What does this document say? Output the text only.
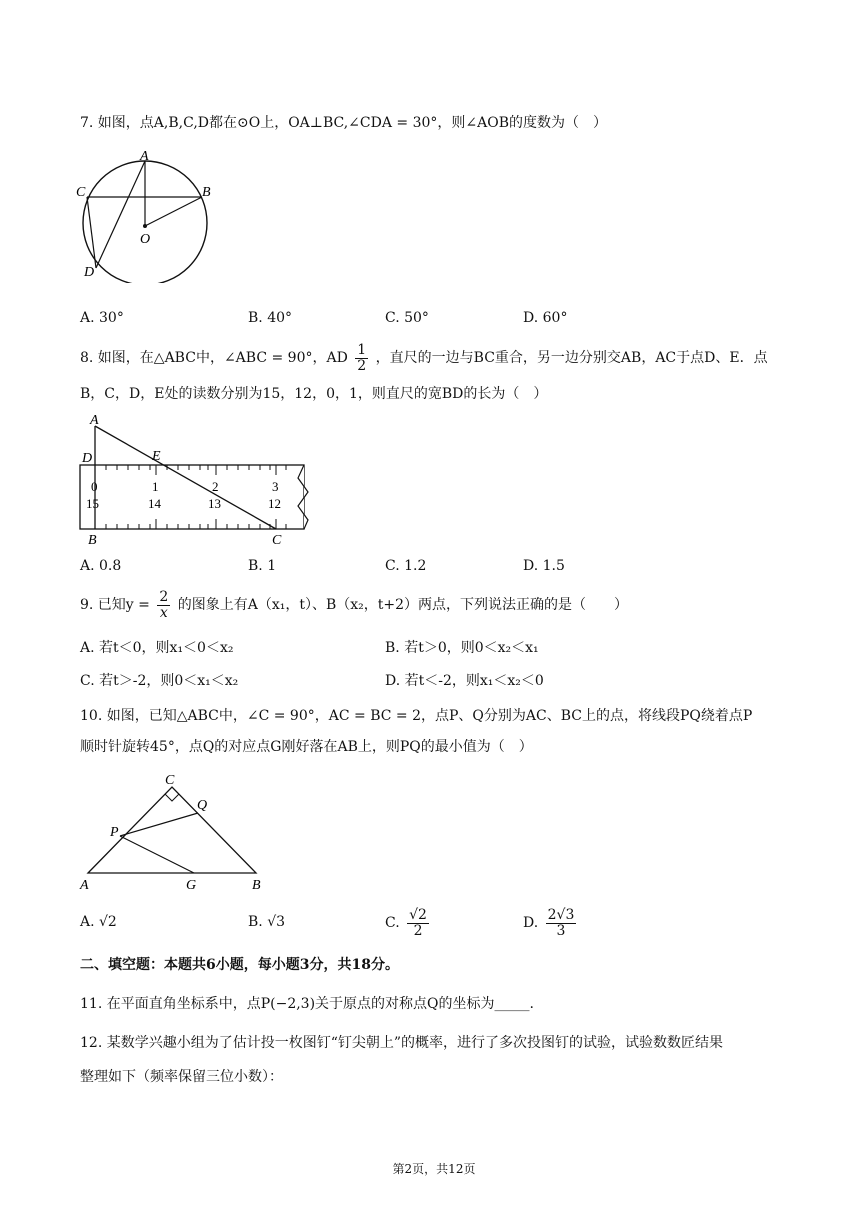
7. 如图，点A,B,C,D都在⊙O上，OA⊥BC,∠CDA = 30°，则∠AOB的度数为（　）
A
B
C
D
O
A. 30°	B. 40°	C. 50°	D. 60°
8. 如图，在△ABC中，∠ABC = 90°，AD $\frac{1}{2}$ ，直尺的一边与BC重合，另一边分别交AB，AC于点D、E．点
B，C，D，E处的读数分别为15，12，0，1，则直尺的宽BD的长为（　）
0	1	2	3
15	14	13	12
A
D	E
B	C
A. 0.8	B. 1	C. 1.2	D. 1.5
9. 已知$y = \frac{2}{x}$ 的图象上有A（x₁，t）、B（x₂，t+2）两点，下列说法正确的是（　　）
A. 若t＜0，则x₁＜0＜x₂	B. 若t＞0，则0＜x₂＜x₁
C. 若t＞-2，则0＜x₁＜x₂	D. 若t＜-2，则x₁＜x₂＜0
10. 如图，已知△ABC中，∠C = 90°，AC = BC = 2，点P、Q分别为AC、BC上的点，将线段PQ绕着点P
顺时针旋转45°，点Q的对应点G刚好落在AB上，则PQ的最小值为（　）
C
Q
P
A	G	B
A. √2	B. √3	C. $\frac{√2}{2}$	D. $\frac{2√3}{3}$
二、填空题：本题共6小题，每小题3分，共18分。
11. 在平面直角坐标系中，点P(−2,3)关于原点的对称点Q的坐标为_____.
12. 某数学兴趣小组为了估计投一枚图钉“钉尖朝上”的概率，进行了多次投图钉的试验，试验数数匠结果
整理如下（频率保留三位小数）：
第2页，共12页
